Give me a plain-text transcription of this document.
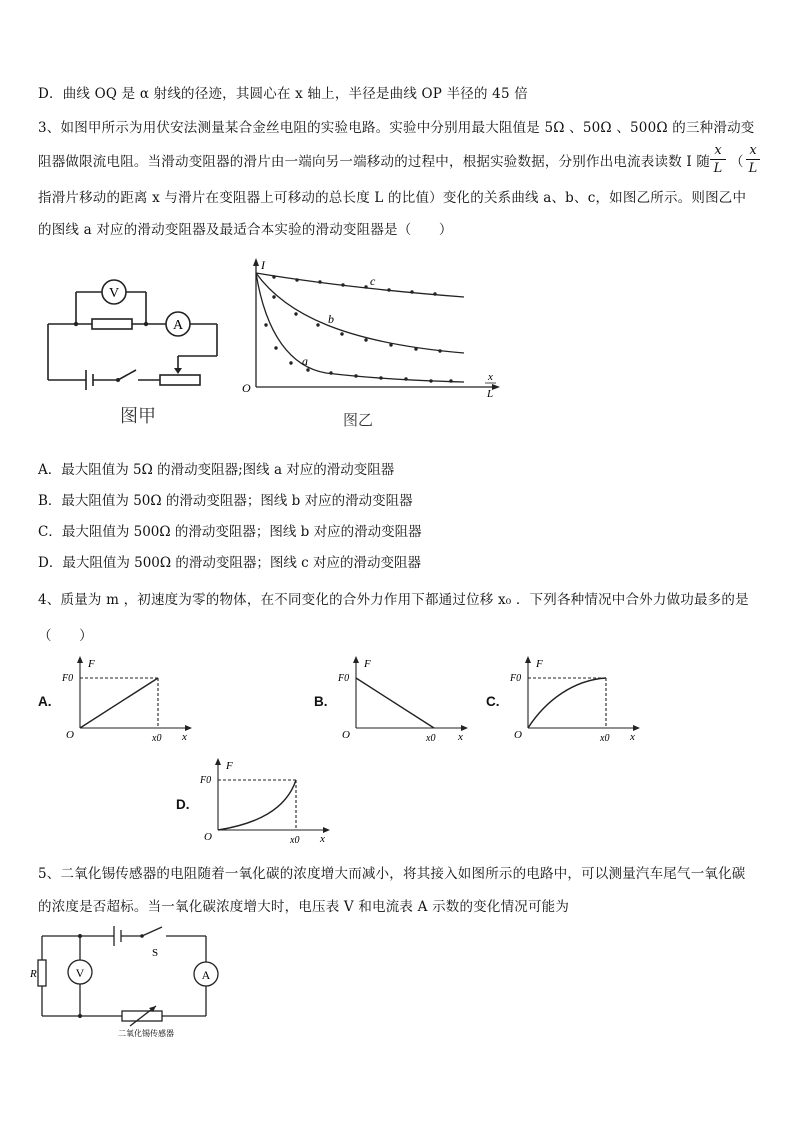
D．曲线 OQ 是 α 射线的径迹，其圆心在 x 轴上，半径是曲线 OP 半径的 45 倍
3、如图甲所示为用伏安法测量某合金丝电阻的实验电路。实验中分别用最大阻值是 5Ω 、50Ω 、500Ω 的三种滑动变
阻器做限流电阻。当滑动变阻器的滑片由一端向另一端移动的过程中，根据实验数据，分别作出电流表读数 I 随
x
L （
x
L
指滑片移动的距离 x 与滑片在变阻器上可移动的总长度 L 的比值）变化的关系曲线 a、b、c，如图乙所示。则图乙中
的图线 a 对应的滑动变阻器及最适合本实验的滑动变阻器是（　　）
V
A
图甲
I
O
c
b
a
x
L
图乙
A．最大阻值为 5Ω 的滑动变阻器;图线 a 对应的滑动变阻器
B．最大阻值为 50Ω 的滑动变阻器；图线 b 对应的滑动变阻器
C．最大阻值为 500Ω 的滑动变阻器；图线 b 对应的滑动变阻器
D．最大阻值为 500Ω 的滑动变阻器；图线 c 对应的滑动变阻器
4、质量为 m ，初速度为零的物体，在不同变化的合外力作用下都通过位移 x₀ ．下列各种情况中合外力做功最多的是
（　　）
A.
F
F0
O	x0 x
B.
F
F0
O	x0 x
C.
F
F0
O	x0 x
D.
F
F0
O	x0 x
5、二氧化锡传感器的电阻随着一氧化碳的浓度增大而减小，将其接入如图所示的电路中，可以测量汽车尾气一氧化碳
的浓度是否超标。当一氧化碳浓度增大时，电压表 V 和电流表 A 示数的变化情况可能为
V	A
R
S
二氧化锡传感器
